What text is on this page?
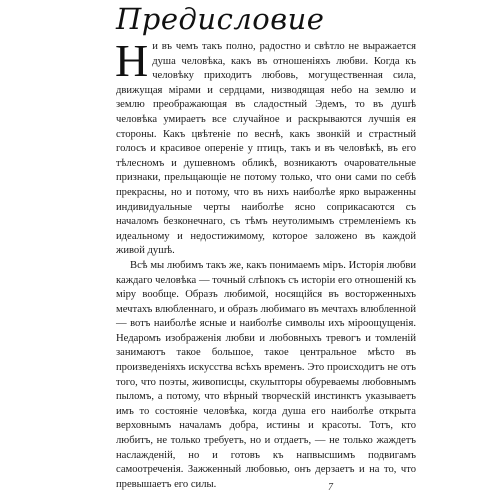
Предисловие

Ни въ чемъ такъ полно, радостно и свѣтло не выражается душа человѣка, какъ въ отношеніяхъ любви. Когда къ человѣку приходитъ любовь, могущественная сила, движущая мірами и сердцами, низводящая небо на землю и землю преображающая въ сладостный Эдемъ, то въ душѣ человѣка умираетъ все случайное и раскрываются лучшія ея стороны. Какъ цвѣтеніе по веснѣ, какъ звонкій и страстный голосъ и красивое опереніе у птицъ, такъ и въ человѣкѣ, въ его тѣлесномъ и душевномъ обликѣ, возникаютъ очаровательные признаки, прельщающіе не потому только, что они сами по себѣ прекрасны, но и потому, что въ нихъ наиболѣе ярко выраженны индивидуальные черты наиболѣе ясно соприкасаются съ началомъ безконечнаго, съ тѣмъ неутолимымъ стремленіемъ къ идеальному и недостижимому, которое заложено въ каждой живой душѣ.

Всѣ мы любимъ такъ же, какъ понимаемъ міръ. Исторія любви каждаго человѣка — точный слѣпокъ съ исторіи его отношеній къ міру вообще. Образъ любимой, носящійся въ восторженныхъ мечтахъ влюбленнаго, и образъ любимаго въ мечтахъ влюбленной — вотъ наиболѣе ясные и наиболѣе символы ихъ міроощущенія. Недаромъ изображенія любви и любовныхъ тревогъ и томленій занимаютъ такое большое, такое центральное мѣсто въ произведеніяхъ искусства всѣхъ временъ. Это происходитъ не отъ того, что поэты, живописцы, скульпторы обуреваемы любовнымъ пыломъ, а потому, что вѣрный творческій инстинктъ указываетъ имъ то состояніе человѣка, когда душа его наиболѣе открыта верховнымъ началамъ добра, истины и красоты. Тотъ, кто любитъ, не только требуетъ, но и отдаетъ, — не только жаждетъ наслажденій, но и готовъ къ напвысшимъ подвигамъ самоотреченія. Зажженный любовью, онъ дерзаетъ и на то, что превышаетъ его силы.	7
